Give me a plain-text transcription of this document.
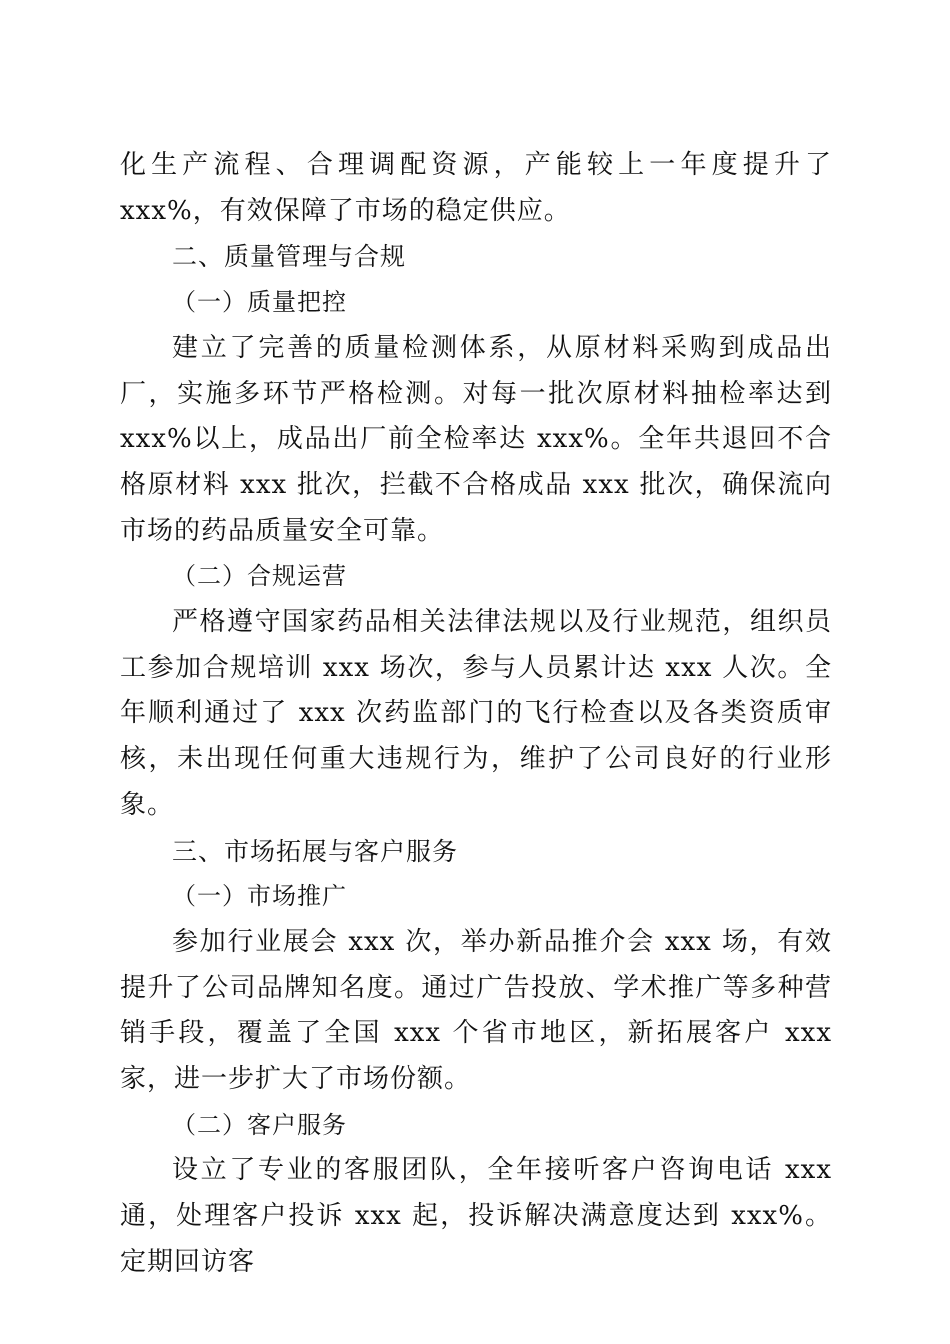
化生产流程、合理调配资源，产能较上一年度提升了 xxx%，有效保障了市场的稳定供应。

二、质量管理与合规

（一）质量把控

建立了完善的质量检测体系，从原材料采购到成品出厂，实施多环节严格检测。对每一批次原材料抽检率达到 xxx%以上，成品出厂前全检率达 xxx%。全年共退回不合格原材料 xxx 批次，拦截不合格成品 xxx 批次，确保流向市场的药品质量安全可靠。

（二）合规运营

严格遵守国家药品相关法律法规以及行业规范，组织员工参加合规培训 xxx 场次，参与人员累计达 xxx 人次。全年顺利通过了 xxx 次药监部门的飞行检查以及各类资质审核，未出现任何重大违规行为，维护了公司良好的行业形象。

三、市场拓展与客户服务

（一）市场推广

参加行业展会 xxx 次，举办新品推介会 xxx 场，有效提升了公司品牌知名度。通过广告投放、学术推广等多种营销手段，覆盖了全国 xxx 个省市地区，新拓展客户 xxx 家，进一步扩大了市场份额。

（二）客户服务

设立了专业的客服团队，全年接听客户咨询电话 xxx 通，处理客户投诉 xxx 起，投诉解决满意度达到 xxx%。定期回访客
